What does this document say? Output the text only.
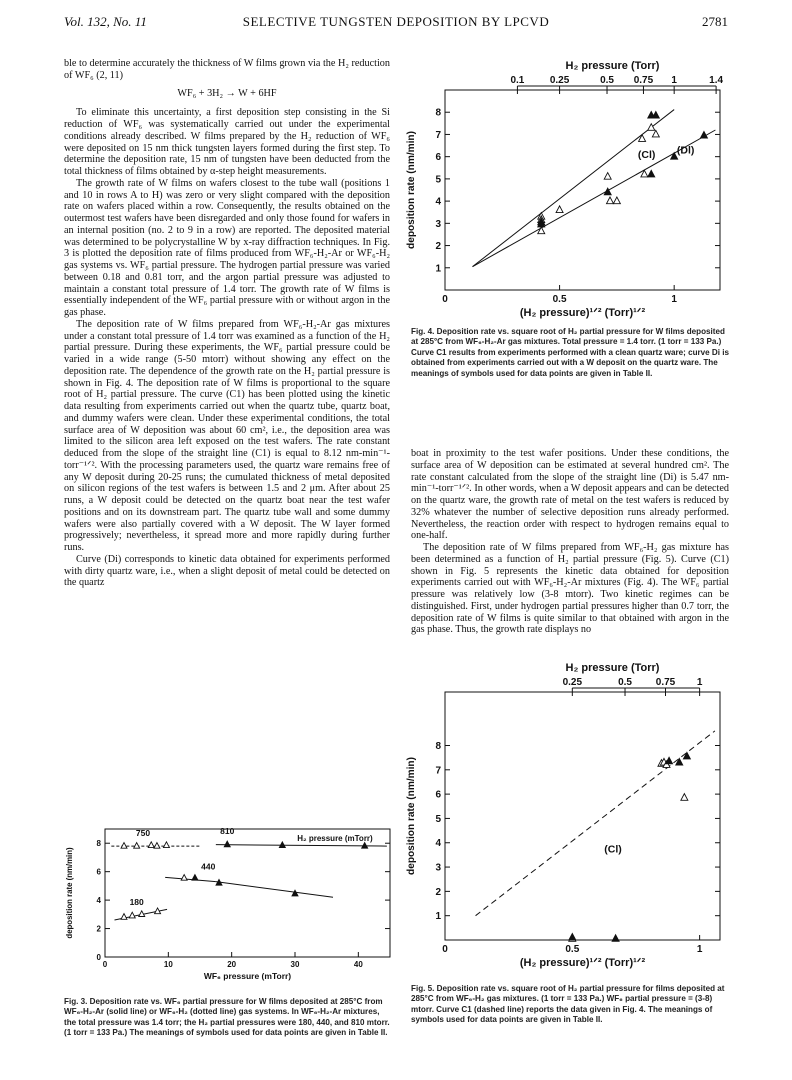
Vol. 132, No. 11	SELECTIVE TUNGSTEN DEPOSITION BY LPCVD	2781

ble to determine accurately the thickness of W films grown via the H₂ reduction of WF₆ (2, 11)

WF₆ + 3H₂ → W + 6HF

To eliminate this uncertainty, a first deposition step consisting in the Si reduction of WF₆ was systematically carried out under the experimental conditions already described. W films prepared by the H₂ reduction of WF₆ were deposited on 15 nm thick tungsten layers formed during the first step. To determine the deposition rate, 15 nm of tungsten have been deducted from the total thickness of films obtained by α-step height measurements.

The growth rate of W films on wafers closest to the tube wall (positions 1 and 10 in rows A to H) was zero or very slight compared with the deposition rate on wafers placed within a row. Consequently, the results obtained on the outermost test wafers have been disregarded and only those found for wafers in an internal position (no. 2 to 9 in a row) are reported. The deposited material was determined to be polycrystalline W by x-ray diffraction techniques. In Fig. 3 is plotted the deposition rate of films produced from WF₆-H₂-Ar or WF₆-H₂ gas systems vs. WF₆ partial pressure. The hydrogen partial pressure was varied between 0.18 and 0.81 torr, and the argon partial pressure was adjusted to maintain a constant total pressure of 1.4 torr. The growth rate of W films is essentially independent of the WF₆ partial pressure with or without argon in the gas phase.

The deposition rate of W films prepared from WF₆-H₂-Ar gas mixtures under a constant total pressure of 1.4 torr was examined as a function of the H₂ partial pressure. During these experiments, the WF₆ partial pressure could be varied in a wide range (5-50 mtorr) without showing any effect on the deposition rate. The dependence of the growth rate on the H₂ partial pressure is shown in Fig. 4. The deposition rate of W films is proportional to the square root of H₂ partial pressure. The curve (C1) has been plotted using the kinetic data resulting from experiments carried out when the quartz tube, quartz boat, and dummy wafers were clean. Under these experimental conditions, the total surface area of W deposition was about 60 cm², i.e., the deposition area was limited to the silicon area left exposed on the test wafers. The rate constant deduced from the slope of the straight line (C1) is equal to 8.12 nm-min⁻¹-torr⁻¹ᐟ². With the processing parameters used, the quartz ware remains free of any W deposit during 20-25 runs; the cumulated thickness of metal deposited on silicon regions of the test wafers is between 1.5 and 2 μm. After about 25 runs, a W deposit could be detected on the quartz boat near the test wafer positions and on its downstream part. The quartz tube wall and some dummy wafers were also partially covered with a W deposit. The W layer formed progressively; nevertheless, it spread more and more rapidly during further runs.

Curve (Di) corresponds to kinetic data obtained for experiments performed with dirty quartz ware, i.e., when a slight deposit of metal could be detected on the quartz

boat in proximity to the test wafer positions. Under these conditions, the surface area of W deposition can be estimated at several hundred cm². The rate constant calculated from the slope of the straight line (Di) is 5.47 nm-min⁻¹-torr⁻¹ᐟ². In other words, when a W deposit appears and can be detected on the quartz ware, the growth rate of metal on the test wafers is reduced by 32% whatever the number of selective deposition runs already performed. Nevertheless, the reaction order with respect to hydrogen remains equal to one-half.

The deposition rate of W films prepared from WF₆-H₂ gas mixture has been determined as a function of H₂ partial pressure (Fig. 5). Curve (C1) shown in Fig. 5 represents the kinetic data obtained for deposition experiments carried out with WF₆-H₂-Ar mixtures (Fig. 4). The WF₆ partial pressure was relatively low (3-8 mtorr). Two kinetic regimes can be distinguished. First, under hydrogen partial pressures higher than 0.7 torr, the deposition rate of W films is quite similar to that obtained with argon in the gas phase. Thus, the growth rate displays no

0
2
4
6
8
0	10	20	30	40
H₂ pressure (mTorr)
WF₆ pressure (mTorr)
deposition rate (nm/min)
750	810
440
180
1
2
3
4
5
6
7
8
0	0.5	1
0.1	0.25	0.5 0.75 1	1.4
H₂ pressure (Torr)
(H₂ pressure)¹ᐟ² (Torr)¹ᐟ²
deposition rate (nm/min)	(Cl) (Dl)
1
2
3
4
5
6
7
8
0	0.5	1
0.25	0.5 0.75 1
H₂ pressure (Torr)
(H₂ pressure)¹ᐟ² (Torr)¹ᐟ²
deposition rate (nm/min)	(Cl)
Fig. 3. Deposition rate vs. WF₆ partial pressure for W films deposited at 285°C from WF₆-H₂-Ar (solid line) or WF₆-H₂ (dotted line) gas systems. In WF₆-H₂-Ar mixtures, the total pressure was 1.4 torr; the H₂ partial pressures were 180, 440, and 810 mtorr. (1 torr = 133 Pa.) The meanings of symbols used for data points are given in Table II.
Fig. 4. Deposition rate vs. square root of H₂ partial pressure for W films deposited at 285°C from WF₆-H₂-Ar gas mixtures. Total pressure = 1.4 torr. (1 torr = 133 Pa.) Curve C1 results from experiments performed with a clean quartz ware; curve Di is obtained from experiments carried out with a W deposit on the quartz ware. The meanings of symbols used for data points are given in Table II.
Fig. 5. Deposition rate vs. square root of H₂ partial pressure for films deposited at 285°C from WF₆-H₂ gas mixtures. (1 torr = 133 Pa.) WF₆ partial pressure = (3-8) mtorr. Curve C1 (dashed line) reports the data given in Fig. 4. The meanings of symbols used for data points are given in Table II.
